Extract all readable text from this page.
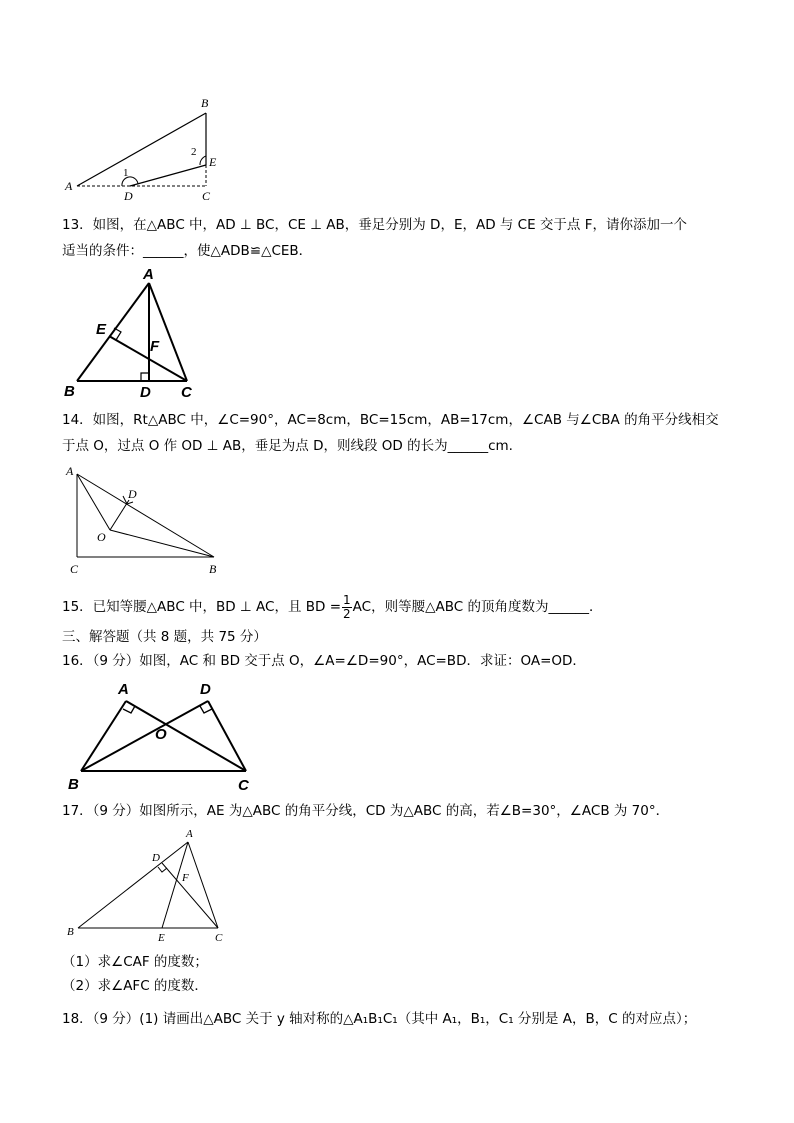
A
B
C
D
E
1
2
13．如图，在△ABC 中，AD ⊥ BC，CE ⊥ AB，垂足分别为 D，E，AD 与 CE 交于点 F，请你添加一个
适当的条件：______，使△ADB≌△CEB．
A
B	C
D
E
F
14．如图，Rt△ABC 中，∠C=90°，AC=8cm，BC=15cm，AB=17cm，∠CAB 与∠CBA 的角平分线相交
于点 O，过点 O 作 OD ⊥ AB，垂足为点 D，则线段 OD 的长为______cm.
A
D
O
C	B
15．已知等腰△ABC 中，BD ⊥ AC，且 BD = $\frac{1}{2}$ AC，则等腰△ABC 的顶角度数为______．
三、解答题（共 8 题，共 75 分）
16．（9 分）如图，AC 和 BD 交于点 O，∠A=∠D=90°，AC=BD．求证：OA=OD．
A	D
O
B	C
17．（9 分）如图所示，AE 为△ABC 的角平分线，CD 为△ABC 的高，若∠B=30°，∠ACB 为 70°．
A
D
F
B	E	C
（1）求∠CAF 的度数；
（2）求∠AFC 的度数．
18．（9 分）(1) 请画出△ABC 关于 y 轴对称的△A₁B₁C₁（其中 A₁，B₁，C₁ 分别是 A，B，C 的对应点）；
